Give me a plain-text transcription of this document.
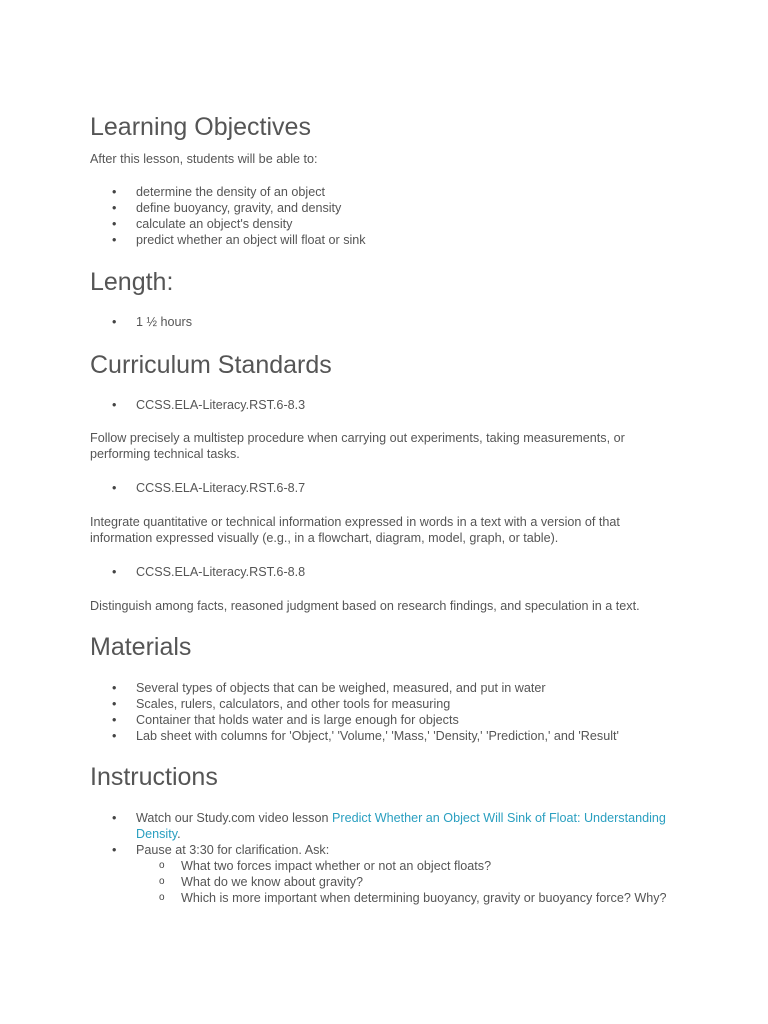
Learning Objectives

After this lesson, students will be able to:

• determine the density of an object
• define buoyancy, gravity, and density
• calculate an object's density
• predict whether an object will float or sink
Length:
• 1 ½ hours
Curriculum Standards
• CCSS.ELA-Literacy.RST.6-8.3

Follow precisely a multistep procedure when carrying out experiments, taking measurements, or performing technical tasks.

• CCSS.ELA-Literacy.RST.6-8.7

Integrate quantitative or technical information expressed in words in a text with a version of that information expressed visually (e.g., in a flowchart, diagram, model, graph, or table).

• CCSS.ELA-Literacy.RST.6-8.8

Distinguish among facts, reasoned judgment based on research findings, and speculation in a text.

Materials
• Several types of objects that can be weighed, measured, and put in water
• Scales, rulers, calculators, and other tools for measuring
• Container that holds water and is large enough for objects
• Lab sheet with columns for 'Object,' 'Volume,' 'Mass,' 'Density,' 'Prediction,' and 'Result'
Instructions
• Watch our Study.com video lesson Predict Whether an Object Will Sink of Float: Understanding Density.
• Pause at 3:30 for clarification. Ask:
o What two forces impact whether or not an object floats?
o What do we know about gravity?
o Which is more important when determining buoyancy, gravity or buoyancy force? Why?
